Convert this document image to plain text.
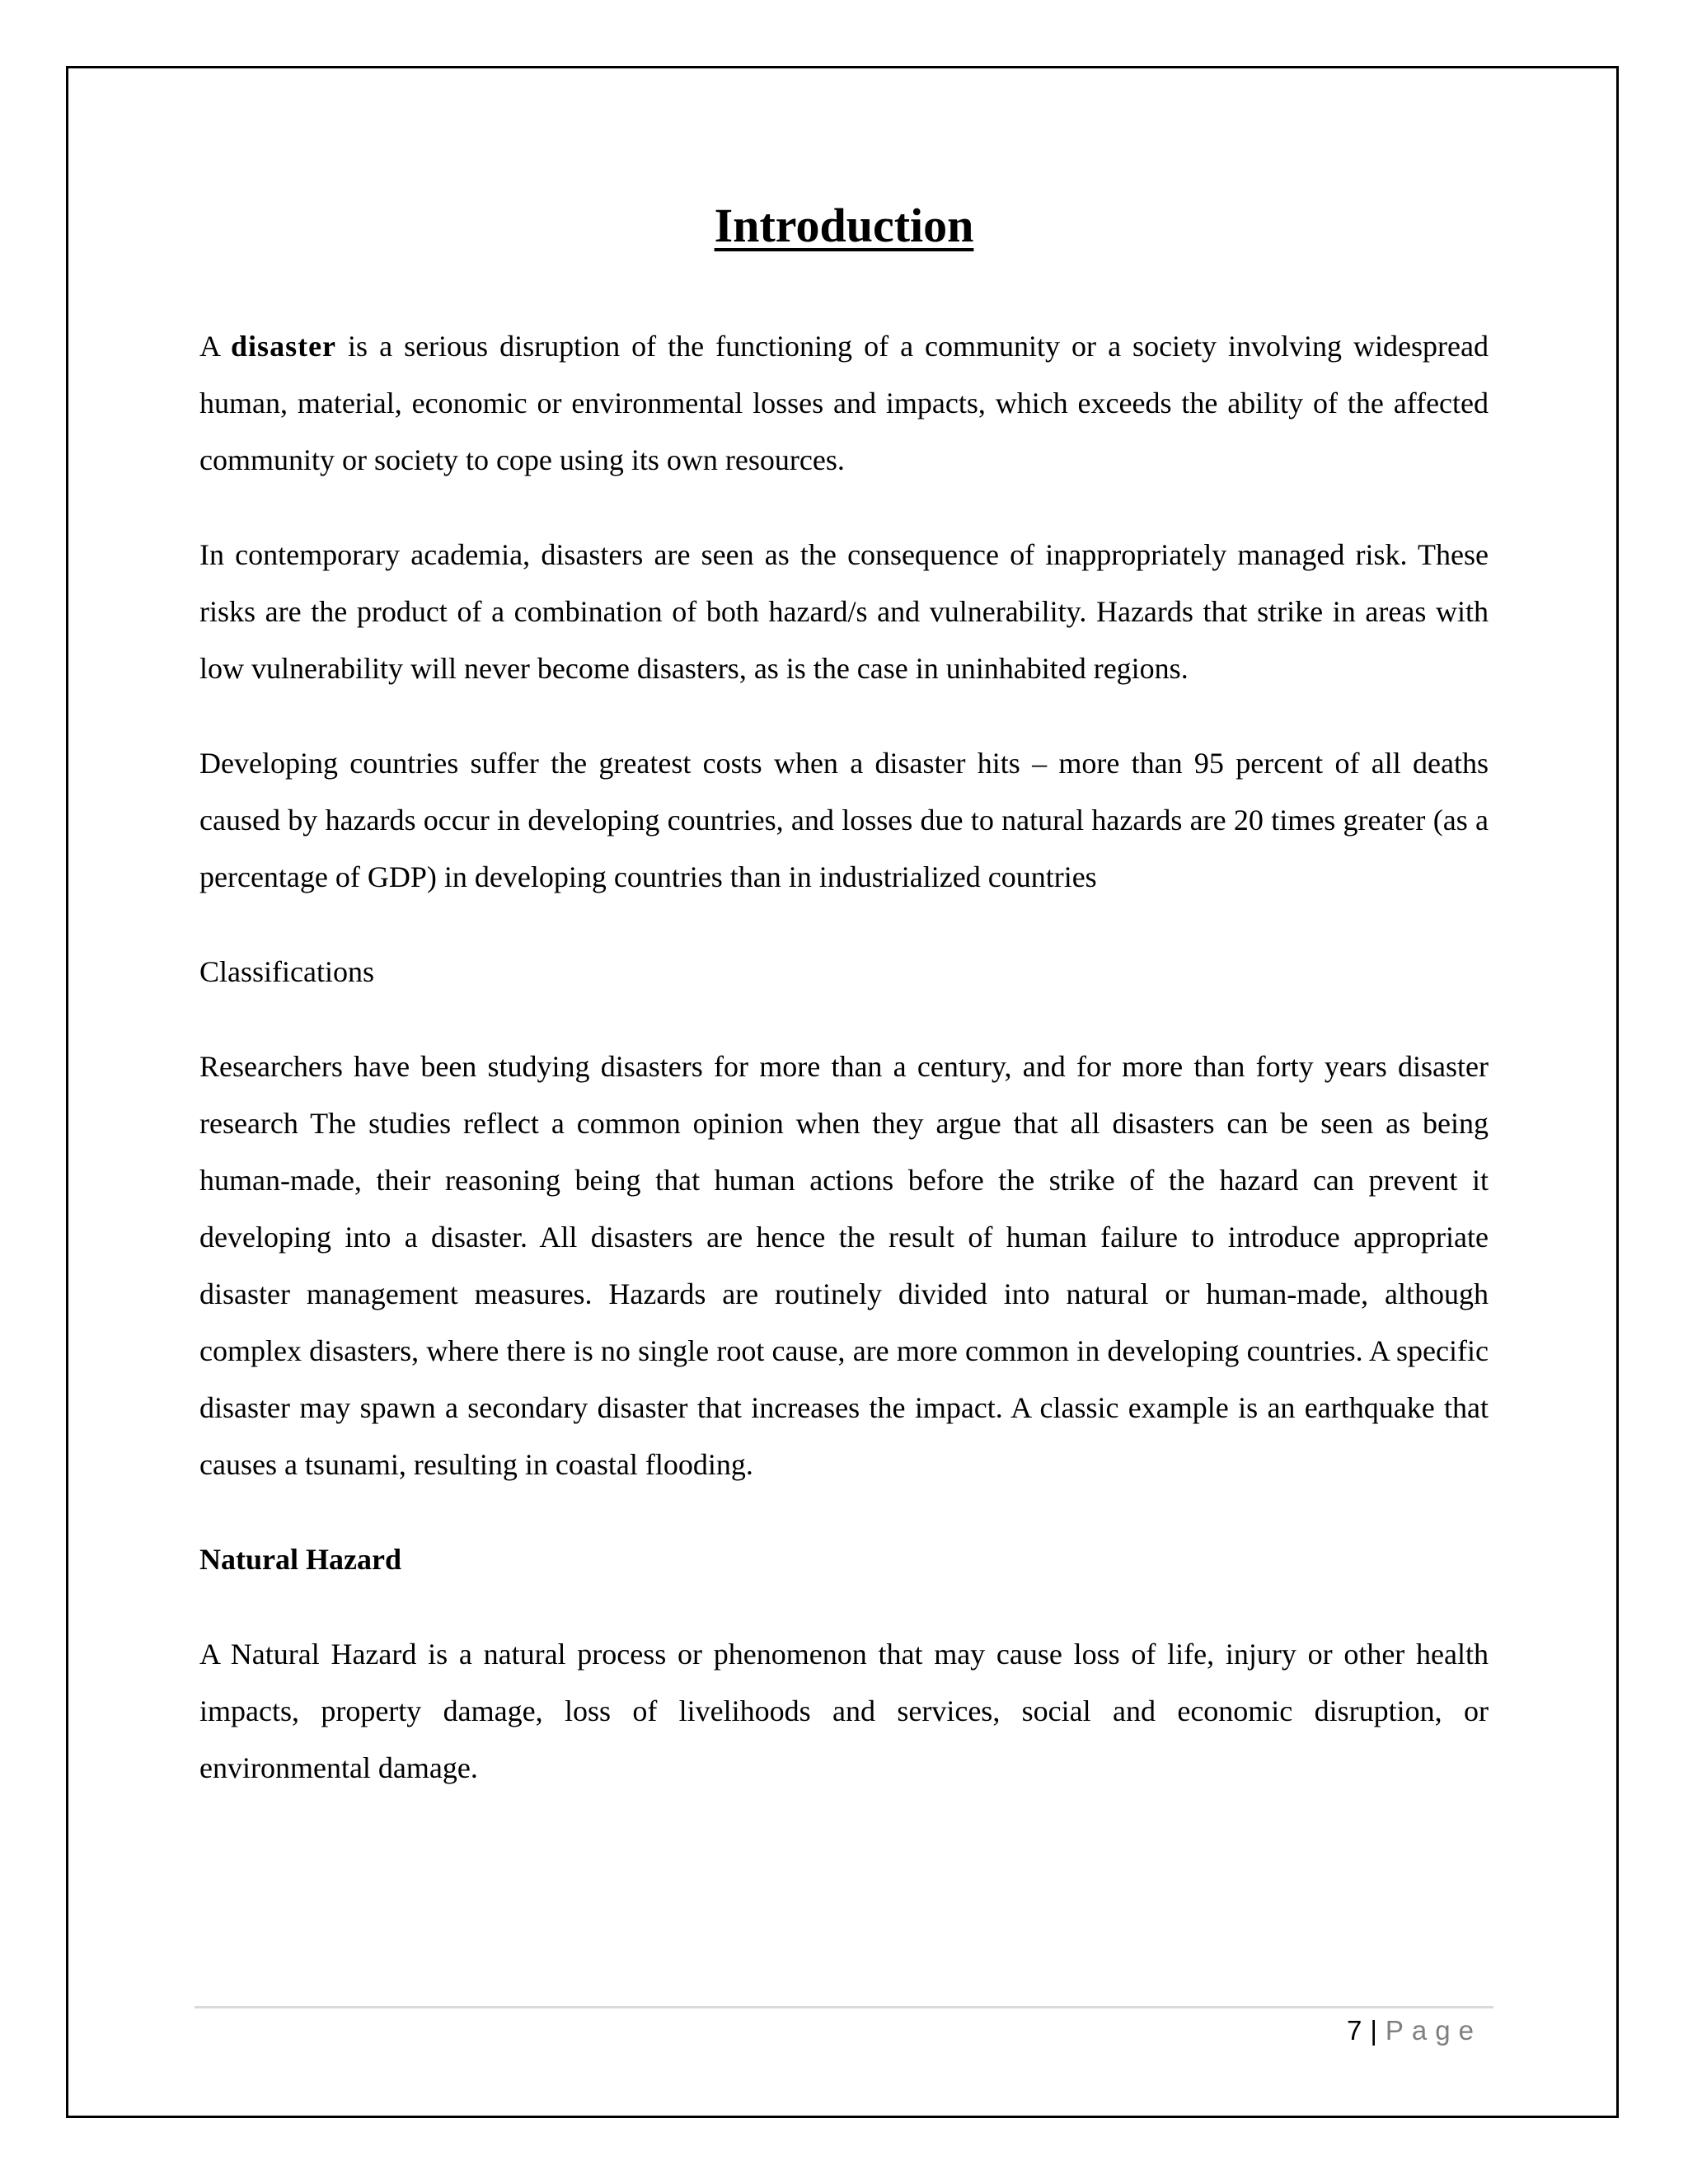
Introduction

A disaster is a serious disruption of the functioning of a community or a society involving widespread human, material, economic or environmental losses and impacts, which exceeds the ability of the affected community or society to cope using its own resources.

In contemporary academia, disasters are seen as the consequence of inappropriately managed risk. These risks are the product of a combination of both hazard/s and vulnerability. Hazards that strike in areas with low vulnerability will never become disasters, as is the case in uninhabited regions.

Developing countries suffer the greatest costs when a disaster hits – more than 95 percent of all deaths caused by hazards occur in developing countries, and losses due to natural hazards are 20 times greater (as a percentage of GDP) in developing countries than in industrialized countries

Classifications

Researchers have been studying disasters for more than a century, and for more than forty years disaster research The studies reflect a common opinion when they argue that all disasters can be seen as being human-made, their reasoning being that human actions before the strike of the hazard can prevent it developing into a disaster. All disasters are hence the result of human failure to introduce appropriate disaster management measures. Hazards are routinely divided into natural or human-made, although complex disasters, where there is no single root cause, are more common in developing countries. A specific disaster may spawn a secondary disaster that increases the impact. A classic example is an earthquake that causes a tsunami, resulting in coastal flooding.

Natural Hazard

A Natural Hazard is a natural process or phenomenon that may cause loss of life, injury or other health impacts, property damage, loss of livelihoods and services, social and economic disruption, or environmental damage.

7 | Page
